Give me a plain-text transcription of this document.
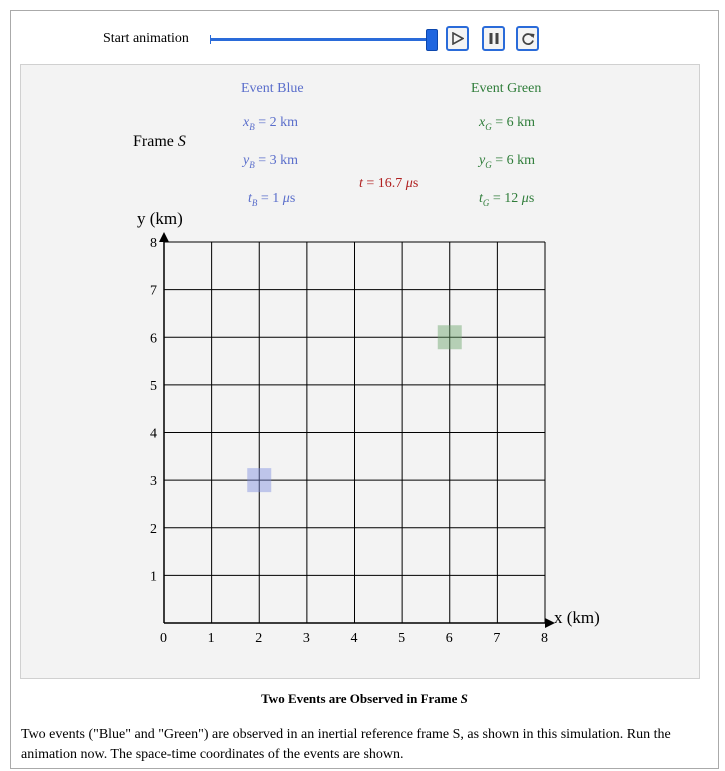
Start animation
Event Blue
$x_B = 2$ km
$y_B = 3$ km
$t_B = 1$ μs
Event Green
$x_G = 6$ km
$y_G = 6$ km
$t_G = 12$ μs
t = 16.7 μs
Frame S
0	1	2	3	4	5	6	7	8
1
2
3
4
5
6
7
8
y (km)
x (km)
Two Events are Observed in Frame S
Two events ("Blue" and "Green") are observed in an inertial reference frame S, as shown in this simulation. Run the animation now. The space-time coordinates of the events are shown.
